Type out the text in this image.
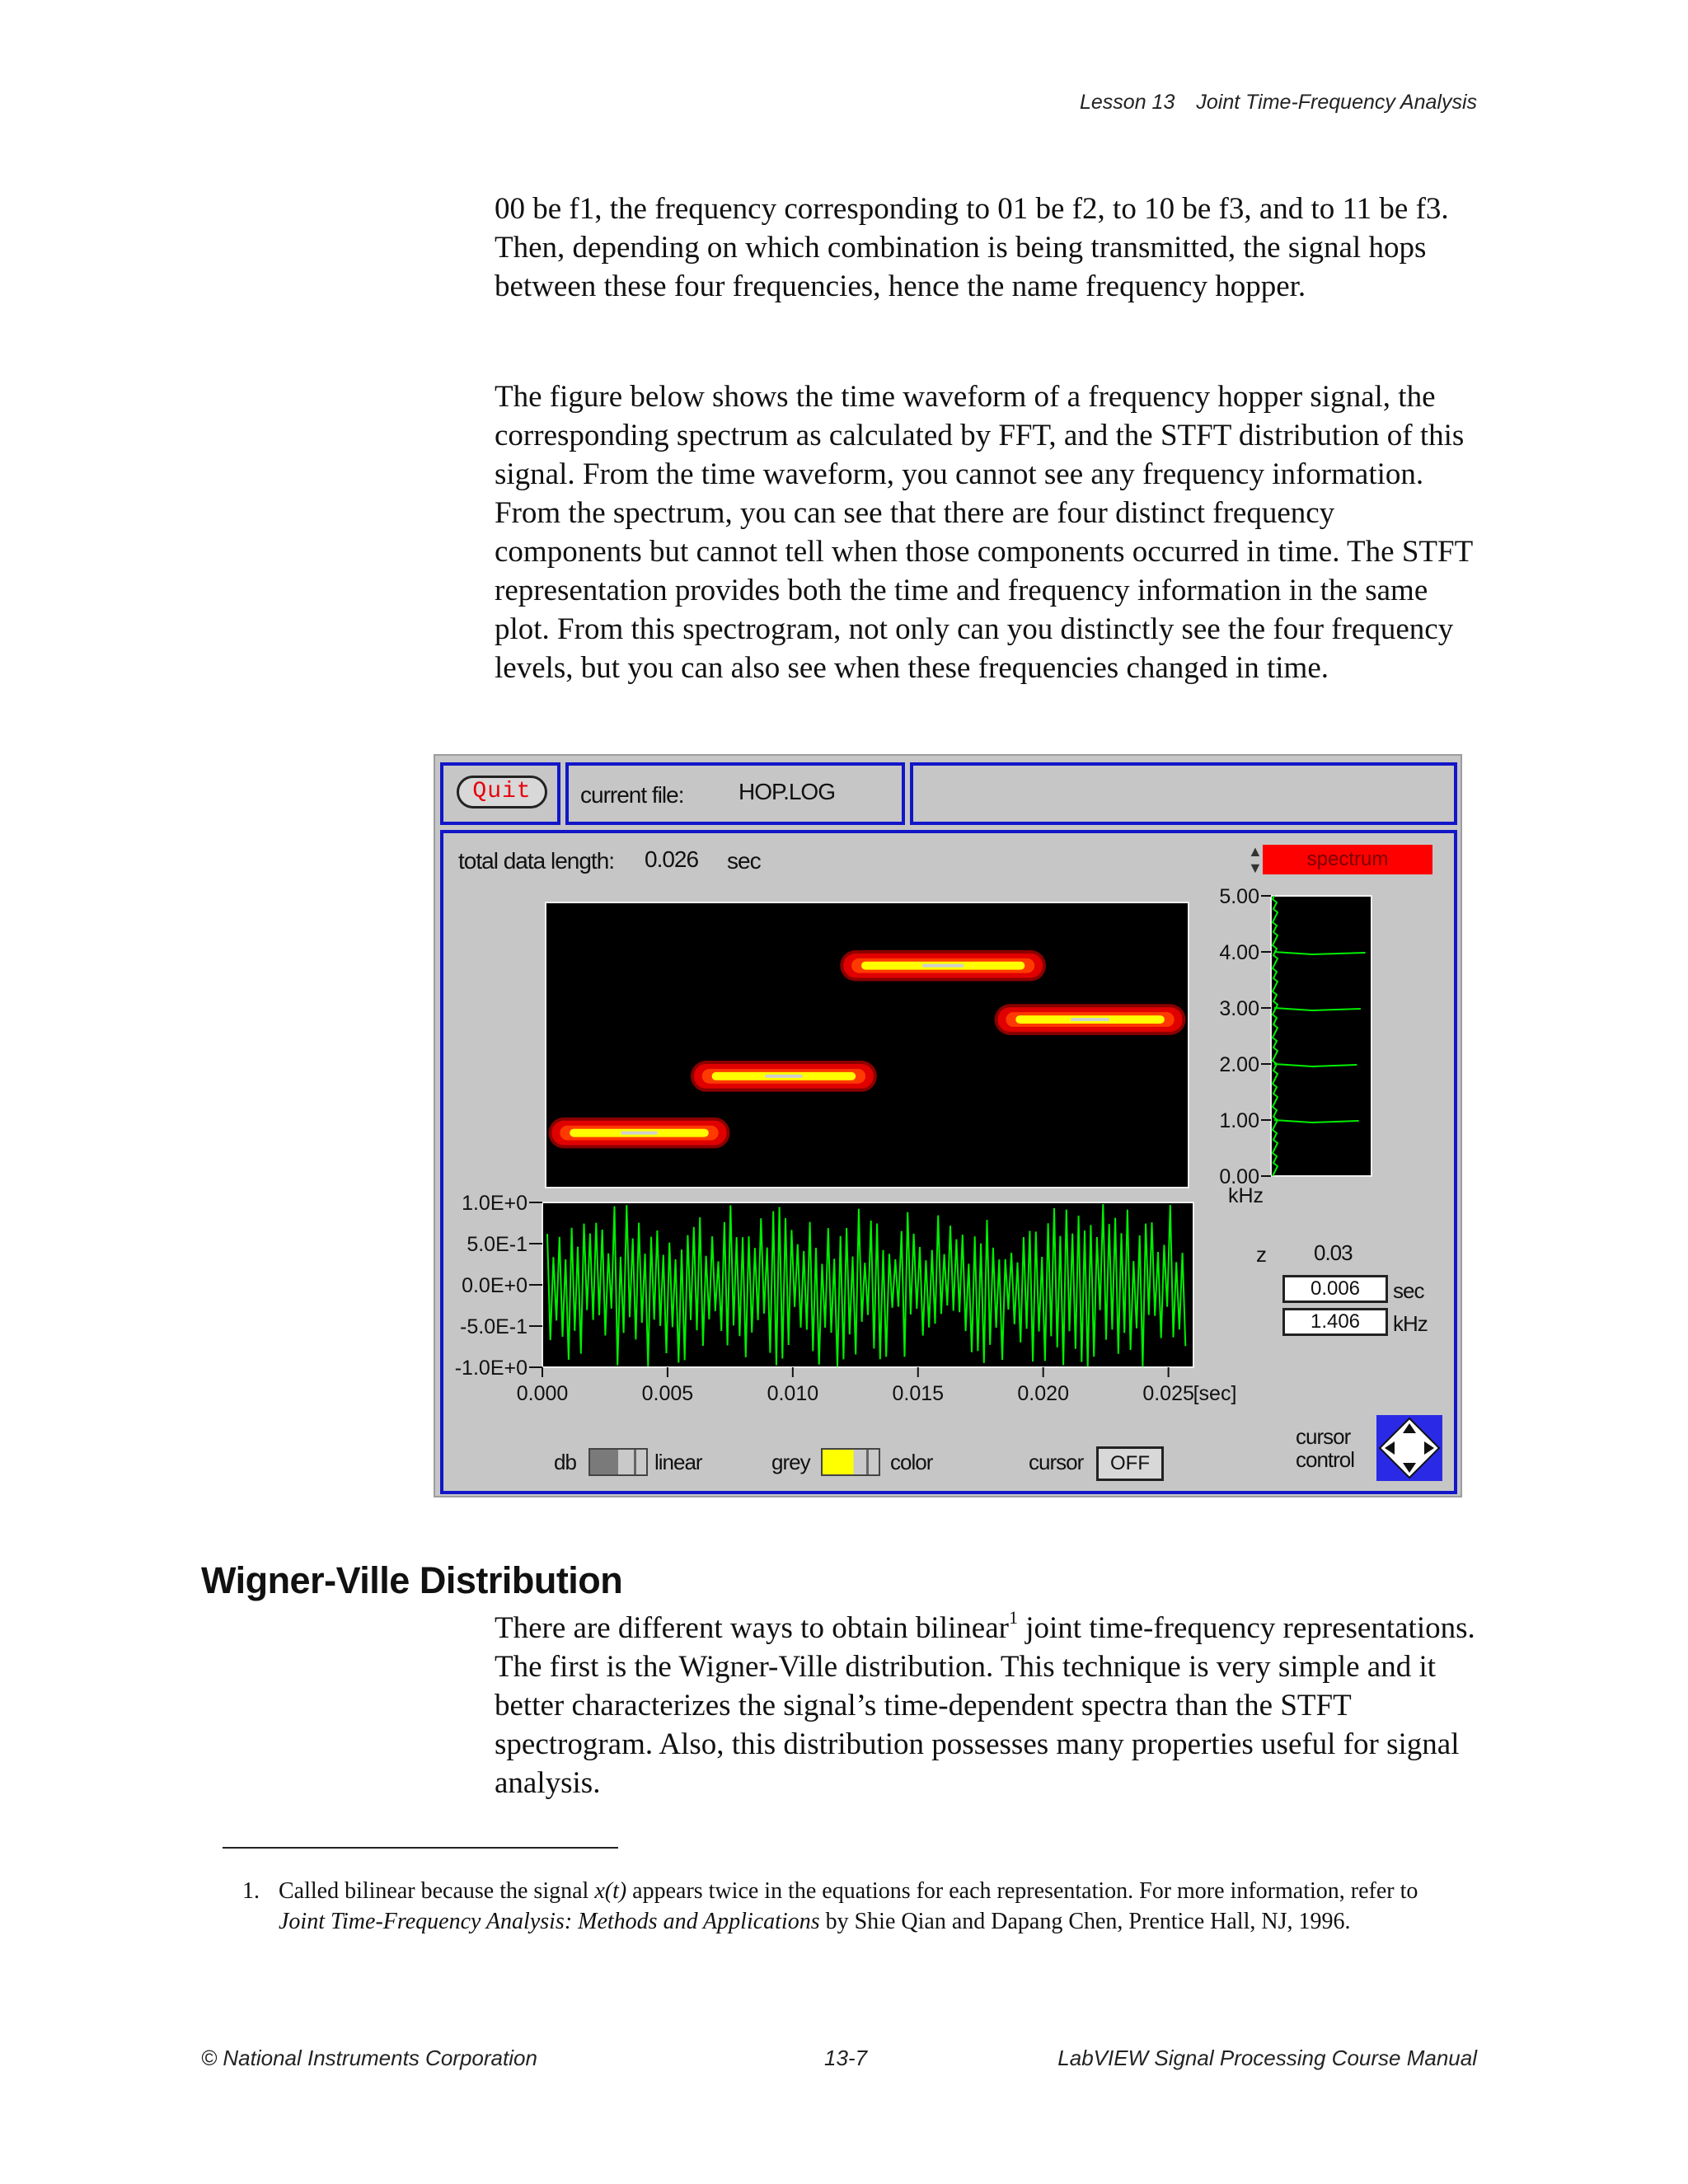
Lesson 13 Joint Time-Frequency Analysis

00 be f1, the frequency corresponding to 01 be f2, to 10 be f3, and to 11 be f3. Then, depending on which combination is being transmitted, the signal hops between these four frequencies, hence the name frequency hopper.

The figure below shows the time waveform of a frequency hopper signal, the corresponding spectrum as calculated by FFT, and the STFT distribution of this signal. From the time waveform, you cannot see any frequency information. From the spectrum, you can see that there are four distinct frequency components but cannot tell when those components occurred in time. The STFT representation provides both the time and frequency information in the same plot. From this spectrogram, not only can you distinctly see the four frequency levels, but you can also see when these frequencies changed in time.

Quit	current file: HOP.LOG
total data length: 0.026 sec	▲
▼	spectrum
5.00
4.00
3.00
2.00
1.00
0.00
kHz
1.0E+0
5.0E-1
0.0E+0
-5.0E-1
-1.0E+0
0.000	0.005	0.010	0.015	0.020	0.025
[sec]
z 0.03
0.006	sec
1.406	kHz
db	linear	grey	color	cursor	OFF
cursor
control
Wigner-Ville Distribution

There are different ways to obtain bilinear$^1$ joint time-frequency representations. The first is the Wigner-Ville distribution. This technique is very simple and it better characterizes the signal’s time-dependent spectra than the STFT spectrogram. Also, this distribution possesses many properties useful for signal analysis.

1. Called bilinear because the signal x(t) appears twice in the equations for each representation. For more information, refer to Joint Time-Frequency Analysis: Methods and Applications by Shie Qian and Dapang Chen, Prentice Hall, NJ, 1996.

© National Instruments Corporation	13-7	LabVIEW Signal Processing Course Manual
